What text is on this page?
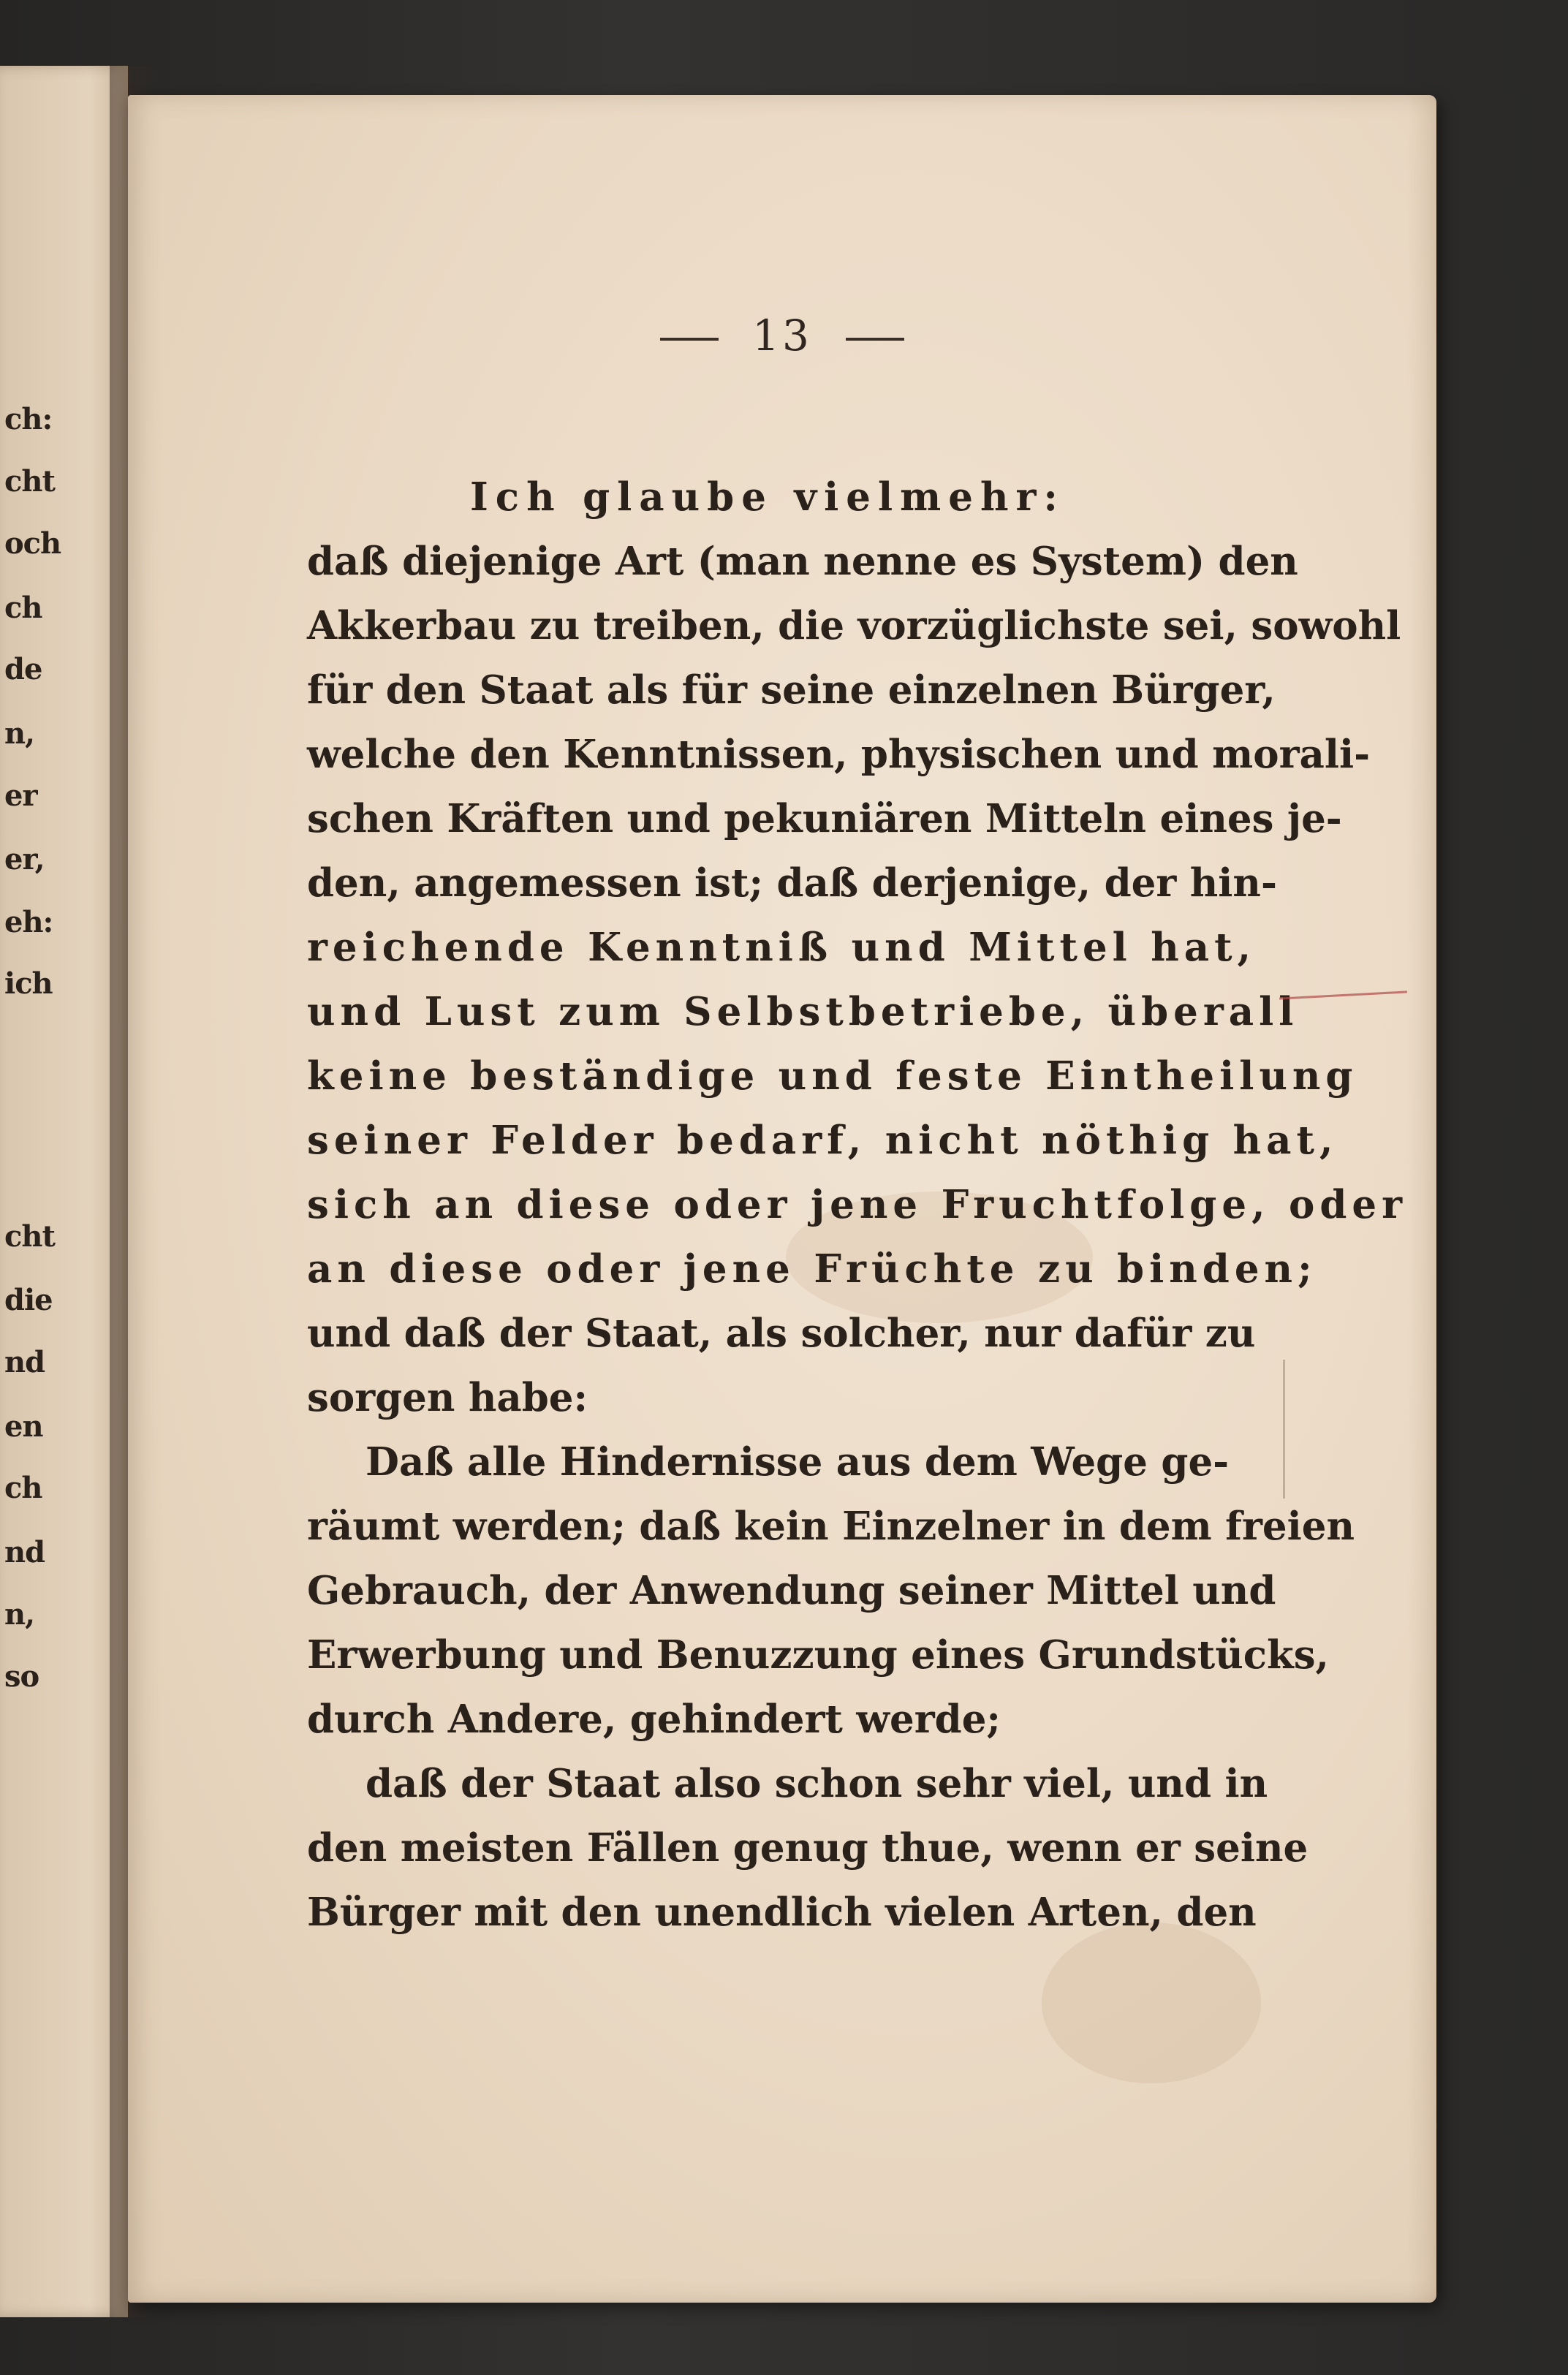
ch:
cht
och
ch
de
n,
er
er,
eh:
ich
cht
die
nd
en
ch
nd
n,
so
13
Ich glaube vielmehr:
daß diejenige Art (man nenne es System) den
Akkerbau zu treiben, die vorzüglichste sei, sowohl
für den Staat als für seine einzelnen Bürger,
welche den Kenntnissen, physischen und morali-
schen Kräften und pekuniären Mitteln eines je-
den, angemessen ist; daß derjenige, der hin-
reichende Kenntniß und Mittel hat,
und Lust zum Selbstbetriebe, überall
keine beständige und feste Eintheilung
seiner Felder bedarf, nicht nöthig hat,
sich an diese oder jene Fruchtfolge, oder
an diese oder jene Früchte zu binden;
und daß der Staat, als solcher, nur dafür zu
sorgen habe:
Daß alle Hindernisse aus dem Wege ge-
räumt werden; daß kein Einzelner in dem freien
Gebrauch, der Anwendung seiner Mittel und
Erwerbung und Benuzzung eines Grundstücks,
durch Andere, gehindert werde;
daß der Staat also schon sehr viel, und in
den meisten Fällen genug thue, wenn er seine
Bürger mit den unendlich vielen Arten, den
